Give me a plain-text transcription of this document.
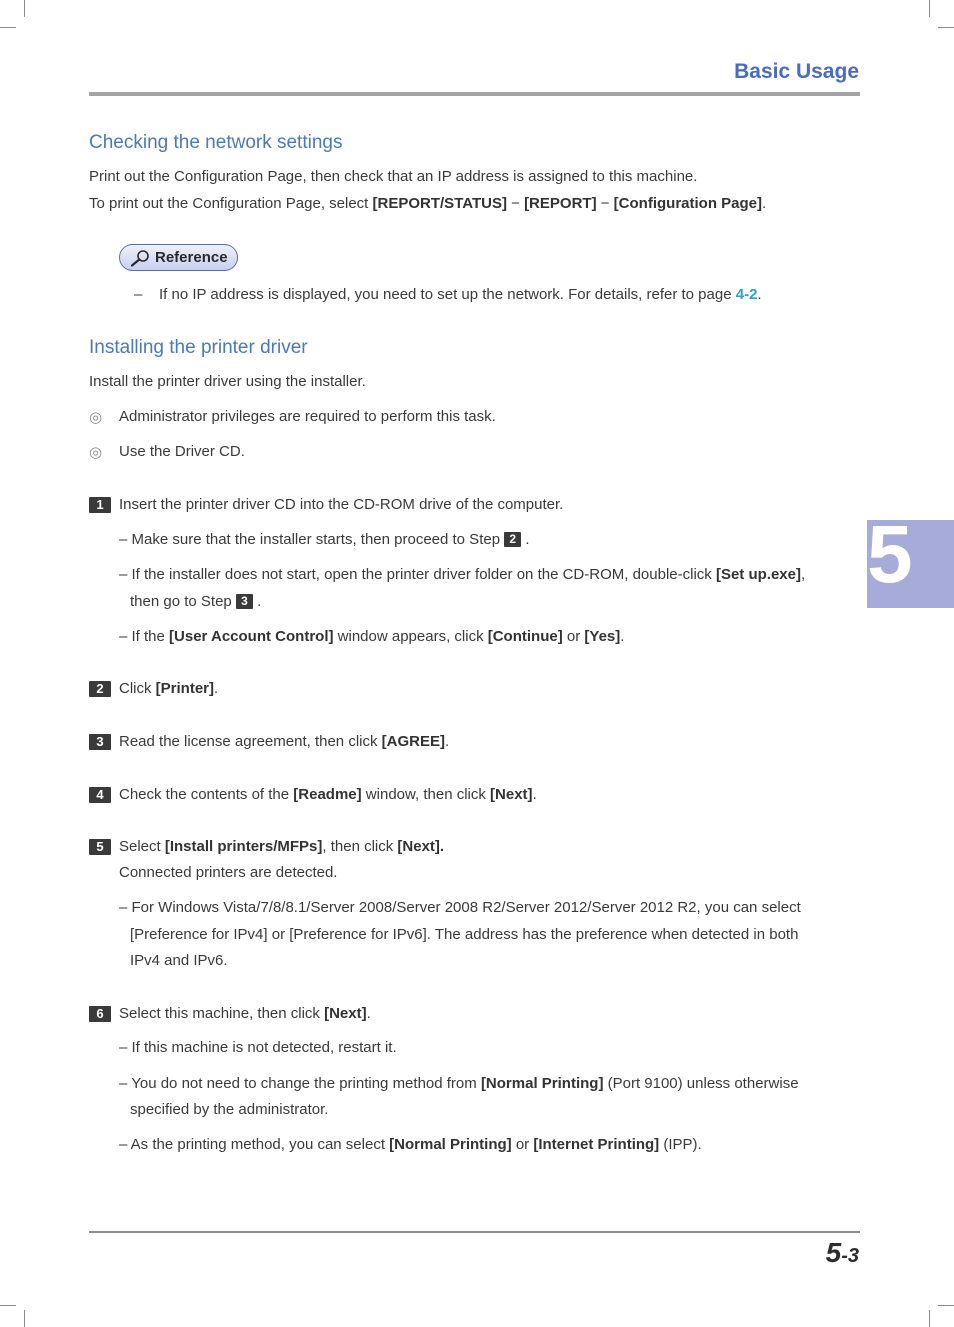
Basic Usage
Checking the network settings
Print out the Configuration Page, then check that an IP address is assigned to this machine.
To print out the Configuration Page, select [REPORT/STATUS] − [REPORT] − [Configuration Page].
Reference
– If no IP address is displayed, you need to set up the network. For details, refer to page 4-2.
Installing the printer driver
Install the printer driver using the installer.
◎ Administrator privileges are required to perform this task.
◎ Use the Driver CD.
1	Insert the printer driver CD into the CD-ROM drive of the computer.
– Make sure that the installer starts, then proceed to Step 2 .
– If the installer does not start, open the printer driver folder on the CD-ROM, double-click [Set up.exe],
then go to Step 3 .
– If the [User Account Control] window appears, click [Continue] or [Yes].
2	Click [Printer].
3	Read the license agreement, then click [AGREE].
4	Check the contents of the [Readme] window, then click [Next].
5	Select [Install printers/MFPs], then click [Next].
Connected printers are detected.
– For Windows Vista/7/8/8.1/Server 2008/Server 2008 R2/Server 2012/Server 2012 R2, you can select
[Preference for IPv4] or [Preference for IPv6]. The address has the preference when detected in both
IPv4 and IPv6.
6	Select this machine, then click [Next].
– If this machine is not detected, restart it.
– You do not need to change the printing method from [Normal Printing] (Port 9100) unless otherwise
specified by the administrator.
– As the printing method, you can select [Normal Printing] or [Internet Printing] (IPP).
5
5-3
